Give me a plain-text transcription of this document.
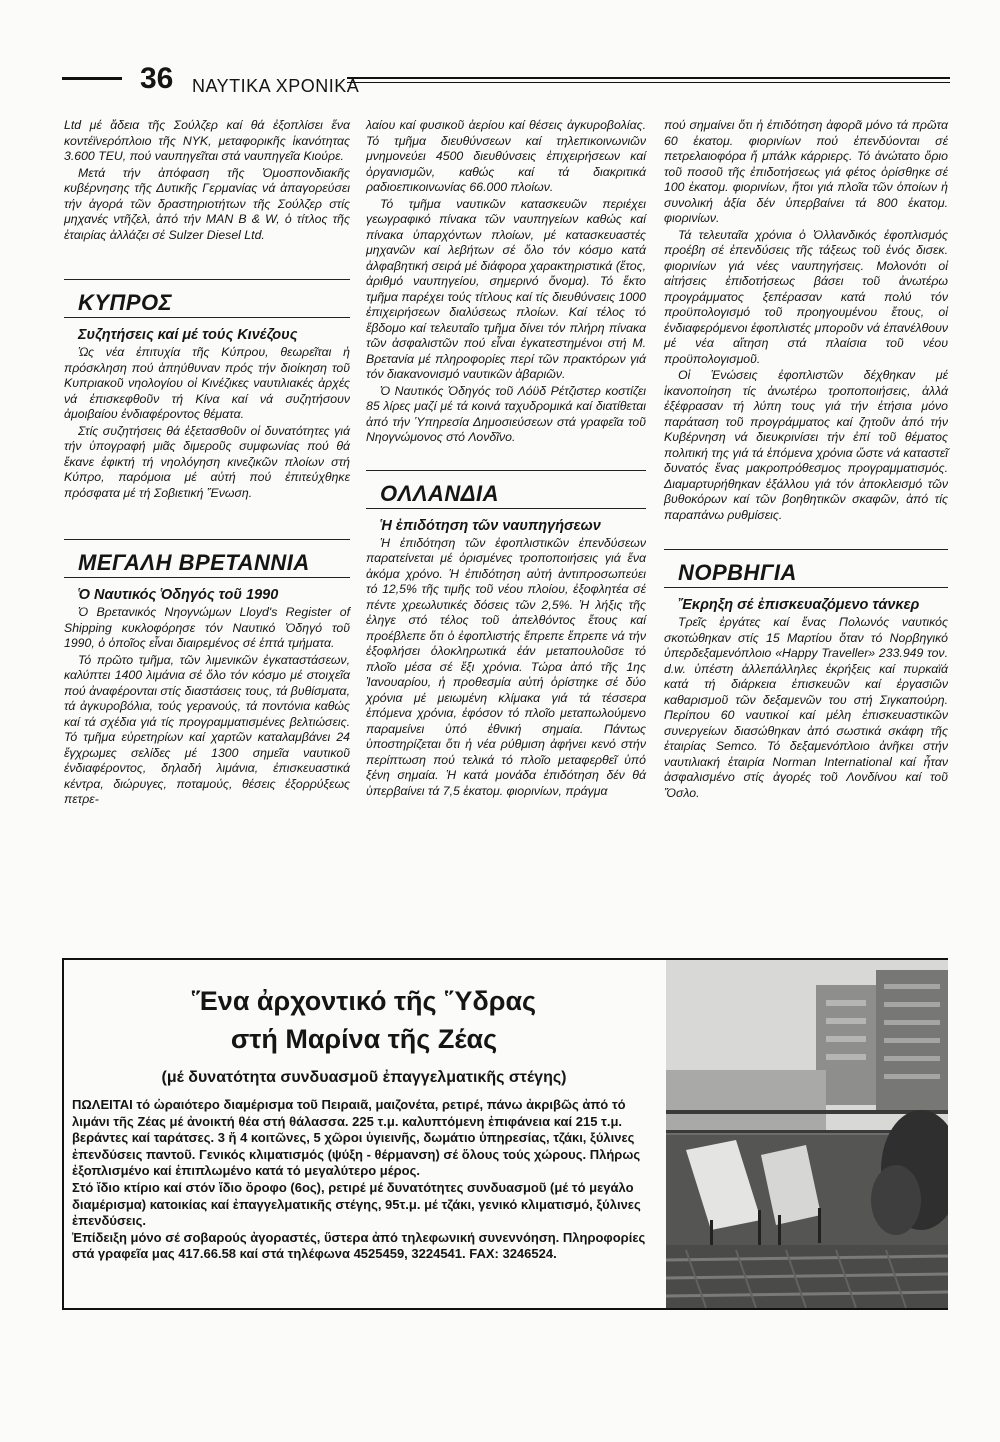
36 ΝΑΥΤΙΚΑ ΧΡΟΝΙΚΑ

Ltd μέ ἄδεια τῆς Σούλζερ καί θά ἐξοπλίσει ἕνα κοντέϊνερόπλοιο τῆς NYK, μεταφορικῆς ἱκανότητας 3.600 TEU, πού ναυπηγεῖται στά ναυπηγεῖα Κιούρε.

Μετά τήν ἀπόφαση τῆς Ὁμοσπονδιακῆς κυβέρνησης τῆς Δυτικῆς Γερμανίας νά ἀπαγορεύσει τήν ἀγορά τῶν δραστηριοτήτων τῆς Σούλζερ στίς μηχανές ντῆζελ, ἀπό τήν MAN B & W, ὁ τίτλος τῆς ἑταιρίας ἀλλάζει σέ Sulzer Diesel Ltd.

ΚΥΠΡΟΣ

Συζητήσεις καί μέ τούς Κινέζους

Ὡς νέα ἐπιτυχία τῆς Κύπρου, θεωρεῖται ἡ πρόσκληση πού ἀπηύθυναν πρός τήν διοίκηση τοῦ Κυπριακοῦ νηολογίου οἱ Κινέζικες ναυτιλιακές ἀρχές νά ἐπισκεφθοῦν τή Κίνα καί νά συζητήσουν ἀμοιβαίου ἐνδιαφέροντος θέματα.

Στίς συζητήσεις θά ἐξετασθοῦν οἱ δυνατότητες γιά τήν ὑπογραφή μιᾶς διμεροῦς συμφωνίας πού θά ἔκανε ἐφικτή τή νηολόγηση κινεζικῶν πλοίων στή Κύπρο, παρόμοια μέ αὐτή πού ἐπιτεύχθηκε πρόσφατα μέ τή Σοβιετική Ἕνωση.

ΜΕΓΑΛΗ ΒΡΕΤΑΝΝΙΑ

Ὁ Ναυτικός Ὁδηγός τοῦ 1990

Ὁ Βρετανικός Νηογνώμων Lloyd's Register of Shipping κυκλοφόρησε τόν Ναυτικό Ὁδηγό τοῦ 1990, ὁ ὁποῖος εἶναι διαιρεμένος σέ ἑπτά τμήματα.

Τό πρῶτο τμῆμα, τῶν λιμενικῶν ἐγκαταστάσεων, καλύπτει 1400 λιμάνια σέ ὅλο τόν κόσμο μέ στοιχεῖα πού ἀναφέρονται στίς διαστάσεις τους, τά βυθίσματα, τά ἀγκυροβόλια, τούς γερανούς, τά ποντόνια καθώς καί τά σχέδια γιά τίς προγραμματισμένες βελτιώσεις. Τό τμῆμα εὐρετηρίων καί χαρτῶν καταλαμβάνει 24 ἔγχρωμες σελίδες μέ 1300 σημεῖα ναυτικοῦ ἐνδιαφέροντος, δηλαδή λιμάνια, ἐπισκευαστικά κέντρα, διώρυγες, ποταμούς, θέσεις ἐξορρύξεως πετρε-

λαίου καί φυσικοῦ ἀερίου καί θέσεις ἀγκυροβολίας. Τό τμῆμα διευθύνσεων καί τηλεπικοινωνιῶν μνημονεύει 4500 διευθύνσεις ἐπιχειρήσεων καί ὀργανισμῶν, καθώς καί τά διακριτικά ραδιοεπικοινωνίας 66.000 πλοίων.

Τό τμῆμα ναυτικῶν κατασκευῶν περιέχει γεωγραφικό πίνακα τῶν ναυπηγείων καθώς καί πίνακα ὑπαρχόντων πλοίων, μέ κατασκευαστές μηχανῶν καί λεβήτων σέ ὅλο τόν κόσμο κατά ἀλφαβητική σειρά μέ διάφορα χαρακτηριστικά (ἔτος, ἀριθμό ναυπηγείου, σημερινό ὄνομα). Τό ἕκτο τμῆμα παρέχει τούς τίτλους καί τίς διευθύνσεις 1000 ἐπιχειρήσεων διαλύσεως πλοίων. Καί τέλος τό ἕβδομο καί τελευταῖο τμῆμα δίνει τόν πλήρη πίνακα τῶν ἀσφαλιστῶν πού εἶναι ἐγκατεστημένοι στή Μ. Βρετανία μέ πληροφορίες περί τῶν πρακτόρων γιά τόν διακανονισμό ναυτικῶν ἀβαριῶν.

Ὁ Ναυτικός Ὁδηγός τοῦ Λόϋδ Ρέτζιστερ κοστίζει 85 λίρες μαζί μέ τά κοινά ταχυδρομικά καί διατίθεται ἀπό τήν Ὑπηρεσία Δημοσιεύσεων στά γραφεῖα τοῦ Νηογνώμονος στό Λονδῖνο.

ΟΛΛΑΝΔΙΑ

Ἡ ἐπιδότηση τῶν ναυπηγήσεων

Ἡ ἐπιδότηση τῶν ἐφοπλιστικῶν ἐπενδύσεων παρατείνεται μέ ὁρισμένες τροποποιήσεις γιά ἕνα ἀκόμα χρόνο. Ἡ ἐπιδότηση αὐτή ἀντιπροσωπεύει τό 12,5% τῆς τιμῆς τοῦ νέου πλοίου, ἐξοφλητέα σέ πέντε χρεωλυτικές δόσεις τῶν 2,5%. Ἡ λήξις τῆς ἐληγε στό τέλος τοῦ ἀπελθόντος ἔτους καί προέβλεπε ὅτι ὁ ἐφοπλιστής ἔπρεπε ἔπρεπε νά τήν ἐξοφλήσει ὁλοκληρωτικά ἐάν μεταπουλοῦσε τό πλοῖο μέσα σέ ἕξι χρόνια. Τώρα ἀπό τῆς 1ης Ἰανουαρίου, ἡ προθεσμία αὐτή ὁρίστηκε σέ δύο χρόνια μέ μειωμένη κλίμακα γιά τά τέσσερα ἑπόμενα χρόνια, ἐφόσον τό πλοῖο μεταπωλούμενο παραμείνει ὑπό ἐθνική σημαία. Πάντως ὑποστηρίζεται ὅτι ἡ νέα ρύθμιση ἀφήνει κενό στήν περίπτωση πού τελικά τό πλοῖο μεταφερθεῖ ὑπό ξένη σημαία. Ἡ κατά μονάδα ἐπιδότηση δέν θά ὑπερβαίνει τά 7,5 ἑκατομ. φιορινίων, πράγμα

πού σημαίνει ὅτι ἡ ἐπιδότηση ἀφορᾶ μόνο τά πρῶτα 60 ἑκατομ. φιορινίων πού ἐπενδύονται σέ πετρελαιοφόρα ἤ μπάλκ κάρριερς. Τό ἀνώτατο ὅριο τοῦ ποσοῦ τῆς ἐπιδοτήσεως γιά φέτος ὁρίσθηκε σέ 100 ἑκατομ. φιορινίων, ἤτοι γιά πλοῖα τῶν ὁποίων ἡ συνολική ἀξία δέν ὑπερβαίνει τά 800 ἑκατομ. φιορινίων.

Τά τελευταῖα χρόνια ὁ Ὀλλανδικός ἐφοπλισμός προέβη σέ ἐπενδύσεις τῆς τάξεως τοῦ ἑνός δισεκ. φιορινίων γιά νέες ναυπηγήσεις. Μολονότι οἱ αἰτήσεις ἐπιδοτήσεως βάσει τοῦ ἀνωτέρω προγράμματος ξεπέρασαν κατά πολύ τόν προϋπολογισμό τοῦ προηγουμένου ἔτους, οἱ ἐνδιαφερόμενοι ἐφοπλιστές μποροῦν νά ἐπανέλθουν μέ νέα αἴτηση στά πλαίσια τοῦ νέου προϋπολογισμοῦ.

Οἱ Ἑνώσεις ἐφοπλιστῶν δέχθηκαν μέ ἱκανοποίηση τίς ἀνωτέρω τροποποιήσεις, ἀλλά ἐξέφρασαν τή λύπη τους γιά τήν ἐτήσια μόνο παράταση τοῦ προγράμματος καί ζητοῦν ἀπό τήν Κυβέρνηση νά διευκρινίσει τήν ἐπί τοῦ θέματος πολιτική της γιά τά ἑπόμενα χρόνια ὥστε νά καταστεῖ δυνατός ἕνας μακροπρόθεσμος προγραμματισμός. Διαμαρτυρήθηκαν ἐξάλλου γιά τόν ἀποκλεισμό τῶν βυθοκόρων καί τῶν βοηθητικῶν σκαφῶν, ἀπό τίς παραπάνω ρυθμίσεις.

ΝΟΡΒΗΓΙΑ

Ἔκρηξη σέ ἐπισκευαζόμενο τάνκερ

Τρεῖς ἐργάτες καί ἕνας Πολωνός ναυτικός σκοτώθηκαν στίς 15 Μαρτίου ὅταν τό Νορβηγικό ὑπερδεξαμενόπλοιο «Happy Traveller» 233.949 τον. d.w. ὑπέστη ἀλλεπάλληλες ἐκρήξεις καί πυρκαϊά κατά τή διάρκεια ἐπισκευῶν καί ἐργασιῶν καθαρισμοῦ τῶν δεξαμενῶν του στή Σιγκαπούρη. Περίπου 60 ναυτικοί καί μέλη ἐπισκευαστικῶν συνεργείων διασώθηκαν ἀπό σωστικά σκάφη τῆς ἑταιρίας Semco. Τό δεξαμενόπλοιο ἀνῆκει στήν ναυτιλιακή ἑταιρία Norman International καί ἦταν ἀσφαλισμένο στίς ἀγορές τοῦ Λονδίνου καί τοῦ Ὄσλο.

Ἕνα ἀρχοντικό τῆς Ὕδρας
στή Μαρίνα τῆς Ζέας
(μέ δυνατότητα συνδυασμοῦ ἐπαγγελματικῆς στέγης)

ΠΩΛΕΙΤΑΙ τό ὡραιότερο διαμέρισμα τοῦ Πειραιᾶ, μαιζονέτα, ρετιρέ, πάνω ἀκριβῶς ἀπό τό λιμάνι τῆς Ζέας μέ ἀνοικτή θέα στή θάλασσα. 225 τ.μ. καλυπτόμενη ἐπιφάνεια καί 215 τ.μ. βεράντες καί ταράτσες. 3 ἤ 4 κοιτῶνες, 5 χῶροι ὑγιεινῆς, δωμάτιο ὑπηρεσίας, τζάκι, ξύλινες ἐπενδύσεις παντοῦ. Γενικός κλιματισμός (ψύξη - θέρμανση) σέ ὅλους τούς χώρους. Πλήρως ἐξοπλισμένο καί ἐπιπλωμένο κατά τό μεγαλύτερο μέρος.

Στό ἴδιο κτίριο καί στόν ἴδιο ὄροφο (6ος), ρετιρέ μέ δυνατότητες συνδυασμοῦ (μέ τό μεγάλο διαμέρισμα) κατοικίας καί ἐπαγγελματικῆς στέγης, 95τ.μ. μέ τζάκι, γενικό κλιματισμό, ξύλινες ἐπενδύσεις.

Ἐπίδειξη μόνο σέ σοβαρούς ἀγοραστές, ὕστερα ἀπό τηλεφωνική συνεννόηση. Πληροφορίες στά γραφεῖα μας 417.66.58 καί στά τηλέφωνα 4525459, 3224541. FAX: 3246524.
